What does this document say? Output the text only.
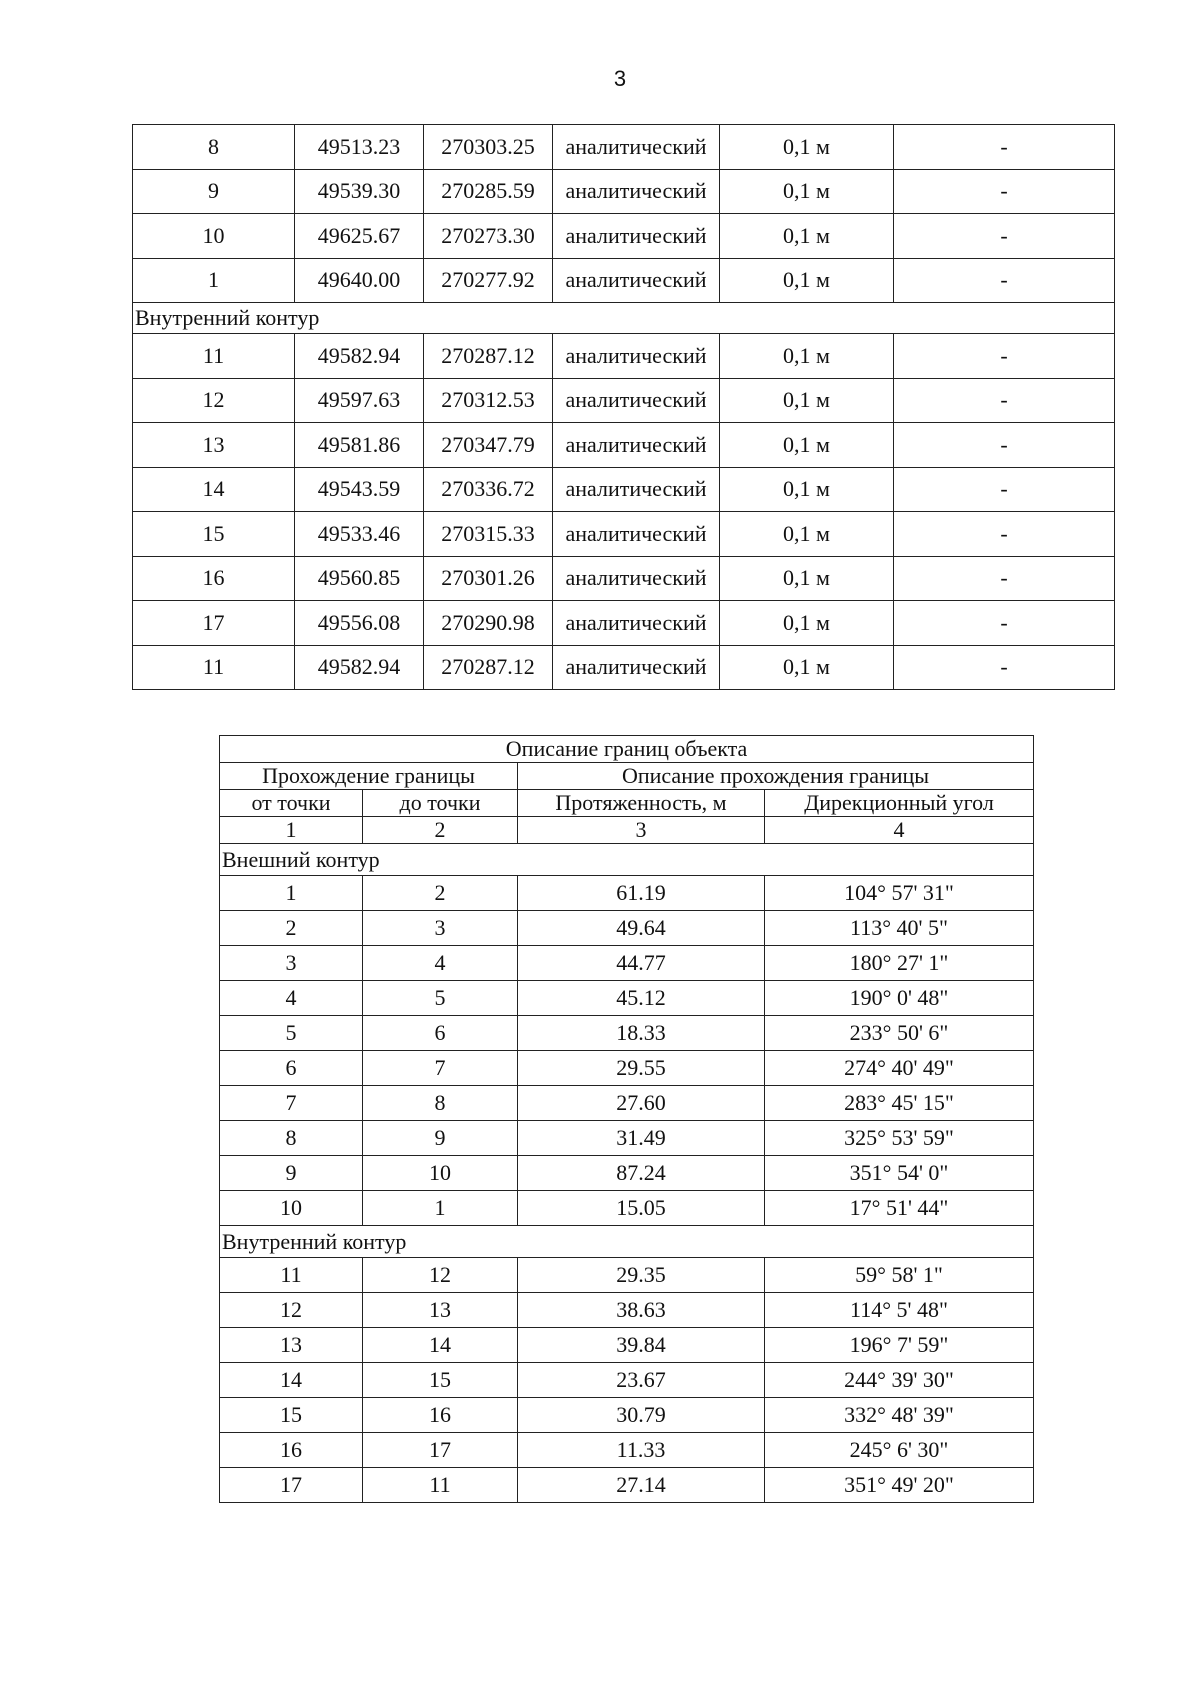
3
8	49513.23	270303.25	аналитический	0,1 м	-
9	49539.30	270285.59	аналитический	0,1 м	-
10	49625.67	270273.30	аналитический	0,1 м	-
1	49640.00	270277.92	аналитический	0,1 м	-
Внутренний контур					
11	49582.94	270287.12	аналитический	0,1 м	-
12	49597.63	270312.53	аналитический	0,1 м	-
13	49581.86	270347.79	аналитический	0,1 м	-
14	49543.59	270336.72	аналитический	0,1 м	-
15	49533.46	270315.33	аналитический	0,1 м	-
16	49560.85	270301.26	аналитический	0,1 м	-
17	49556.08	270290.98	аналитический	0,1 м	-
11	49582.94	270287.12	аналитический	0,1 м	-
Описание границ объекта			
Прохождение границы		Описание прохождения границы	
от точки	до точки	Протяженность, м	Дирекционный угол
1	2	3	4
Внешний контур			
1	2	61.19	104° 57' 31"
2	3	49.64	113° 40' 5"
3	4	44.77	180° 27' 1"
4	5	45.12	190° 0' 48"
5	6	18.33	233° 50' 6"
6	7	29.55	274° 40' 49"
7	8	27.60	283° 45' 15"
8	9	31.49	325° 53' 59"
9	10	87.24	351° 54' 0"
10	1	15.05	17° 51' 44"
Внутренний контур			
11	12	29.35	59° 58' 1"
12	13	38.63	114° 5' 48"
13	14	39.84	196° 7' 59"
14	15	23.67	244° 39' 30"
15	16	30.79	332° 48' 39"
16	17	11.33	245° 6' 30"
17	11	27.14	351° 49' 20"
